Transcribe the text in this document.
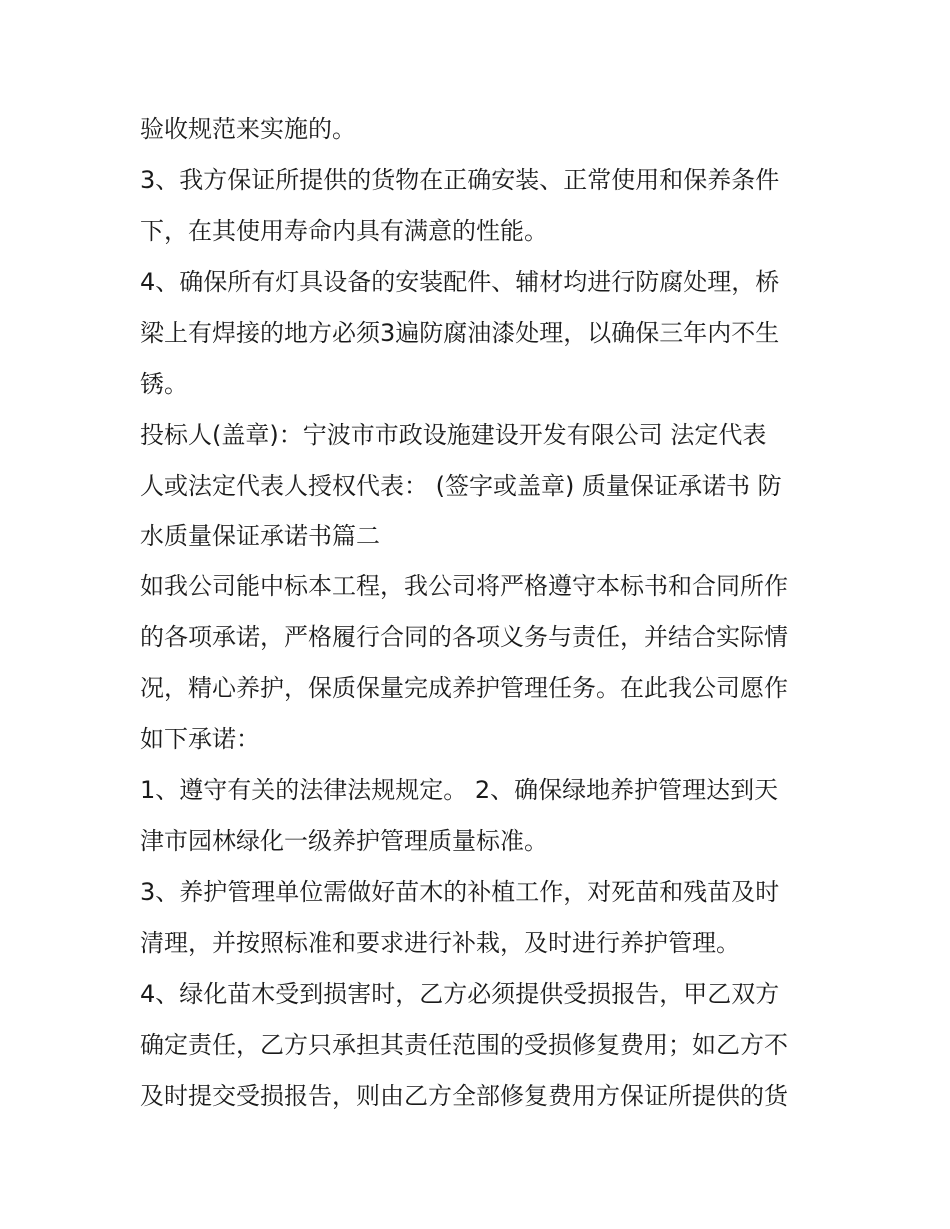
验收规范来实施的。
3、我方保证所提供的货物在正确安装、正常使用和保养条件
下，在其使用寿命内具有满意的性能。
4、确保所有灯具设备的安装配件、辅材均进行防腐处理，桥
梁上有焊接的地方必须3遍防腐油漆处理，以确保三年内不生
锈。
投标人(盖章)：宁波市市政设施建设开发有限公司 法定代表
人或法定代表人授权代表： (签字或盖章) 质量保证承诺书 防
水质量保证承诺书篇二
如我公司能中标本工程，我公司将严格遵守本标书和合同所作
的各项承诺，严格履行合同的各项义务与责任，并结合实际情
况，精心养护，保质保量完成养护管理任务。在此我公司愿作
如下承诺：
1、遵守有关的法律法规规定。 2、确保绿地养护管理达到天
津市园林绿化一级养护管理质量标准。
3、养护管理单位需做好苗木的补植工作，对死苗和残苗及时
清理，并按照标准和要求进行补栽，及时进行养护管理。
4、绿化苗木受到损害时，乙方必须提供受损报告，甲乙双方
确定责任，乙方只承担其责任范围的受损修复费用；如乙方不
及时提交受损报告，则由乙方全部修复费用方保证所提供的货
